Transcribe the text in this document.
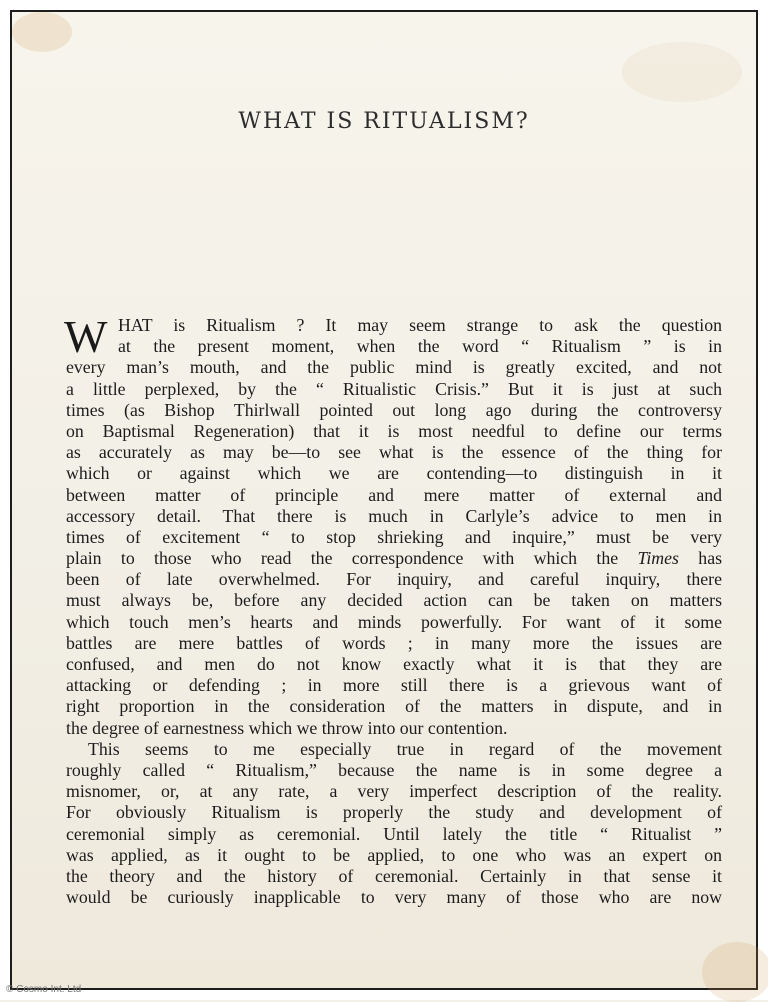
WHAT IS RITUALISM?
W HAT is Ritualism ? It may seem strange to ask the question
at the present moment, when the word “ Ritualism ” is in
every man’s mouth, and the public mind is greatly excited, and not
a little perplexed, by the “ Ritualistic Crisis.” But it is just at such
times (as Bishop Thirlwall pointed out long ago during the controversy
on Baptismal Regeneration) that it is most needful to define our terms
as accurately as may be—to see what is the essence of the thing for
which or against which we are contending—to distinguish in it
between matter of principle and mere matter of external and
accessory detail. That there is much in Carlyle’s advice to men in
times of excitement “ to stop shrieking and inquire,” must be very
plain to those who read the correspondence with which the Times has
been of late overwhelmed. For inquiry, and careful inquiry, there
must always be, before any decided action can be taken on matters
which touch men’s hearts and minds powerfully. For want of it some
battles are mere battles of words ; in many more the issues are
confused, and men do not know exactly what it is that they are
attacking or defending ; in more still there is a grievous want of
right proportion in the consideration of the matters in dispute, and in
the degree of earnestness which we throw into our contention.
This seems to me especially true in regard of the movement
roughly called “ Ritualism,” because the name is in some degree a
misnomer, or, at any rate, a very imperfect description of the reality.
For obviously Ritualism is properly the study and development of
ceremonial simply as ceremonial. Until lately the title “ Ritualist ”
was applied, as it ought to be applied, to one who was an expert on
the theory and the history of ceremonial. Certainly in that sense it
would be curiously inapplicable to very many of those who are now
© Cosmo Int. Ltd
